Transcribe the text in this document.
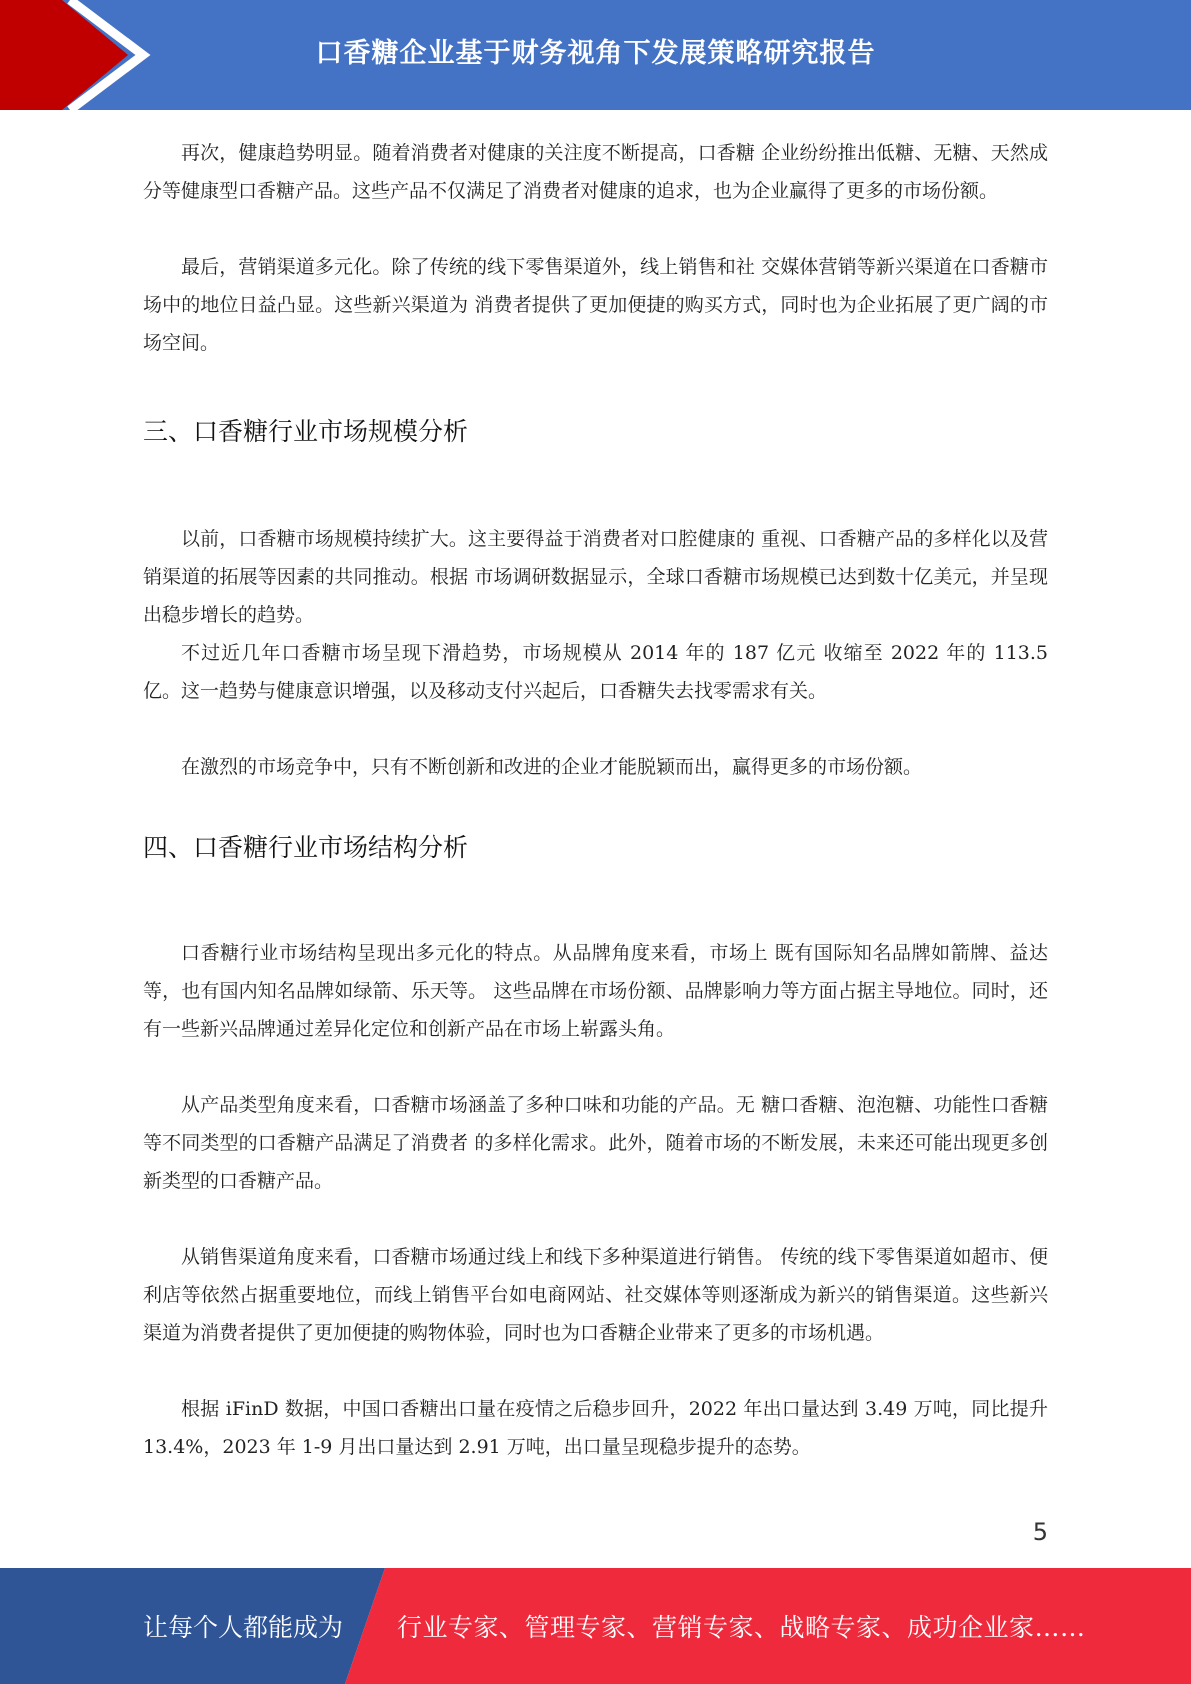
口香糖企业基于财务视角下发展策略研究报告

再次，健康趋势明显。随着消费者对健康的关注度不断提高，口香糖 企业纷纷推出低糖、无糖、天然成分等健康型口香糖产品。这些产品不仅满足了消费者对健康的追求，也为企业赢得了更多的市场份额。

最后，营销渠道多元化。除了传统的线下零售渠道外，线上销售和社 交媒体营销等新兴渠道在口香糖市场中的地位日益凸显。这些新兴渠道为 消费者提供了更加便捷的购买方式，同时也为企业拓展了更广阔的市场空间。

三、口香糖行业市场规模分析

以前，口香糖市场规模持续扩大。这主要得益于消费者对口腔健康的 重视、口香糖产品的多样化以及营销渠道的拓展等因素的共同推动。根据 市场调研数据显示，全球口香糖市场规模已达到数十亿美元，并呈现出稳步增长的趋势。

不过近几年口香糖市场呈现下滑趋势，市场规模从 2014 年的 187 亿元 收缩至 2022 年的 113.5 亿。这一趋势与健康意识增强，以及移动支付兴起后，口香糖失去找零需求有关。

在激烈的市场竞争中，只有不断创新和改进的企业才能脱颖而出，赢得更多的市场份额。

四、口香糖行业市场结构分析

口香糖行业市场结构呈现出多元化的特点。从品牌角度来看，市场上 既有国际知名品牌如箭牌、益达等，也有国内知名品牌如绿箭、乐天等。 这些品牌在市场份额、品牌影响力等方面占据主导地位。同时，还有一些新兴品牌通过差异化定位和创新产品在市场上崭露头角。

从产品类型角度来看，口香糖市场涵盖了多种口味和功能的产品。无 糖口香糖、泡泡糖、功能性口香糖等不同类型的口香糖产品满足了消费者 的多样化需求。此外，随着市场的不断发展，未来还可能出现更多创新类型的口香糖产品。

从销售渠道角度来看，口香糖市场通过线上和线下多种渠道进行销售。 传统的线下零售渠道如超市、便利店等依然占据重要地位，而线上销售平台如电商网站、社交媒体等则逐渐成为新兴的销售渠道。这些新兴渠道为消费者提供了更加便捷的购物体验，同时也为口香糖企业带来了更多的市场机遇。

根据 iFinD 数据，中国口香糖出口量在疫情之后稳步回升，2022 年出口量达到 3.49 万吨，同比提升 13.4%，2023 年 1-9 月出口量达到 2.91 万吨，出口量呈现稳步提升的态势。

5
让每个人都能成为 行业专家、管理专家、营销专家、战略专家、成功企业家……
